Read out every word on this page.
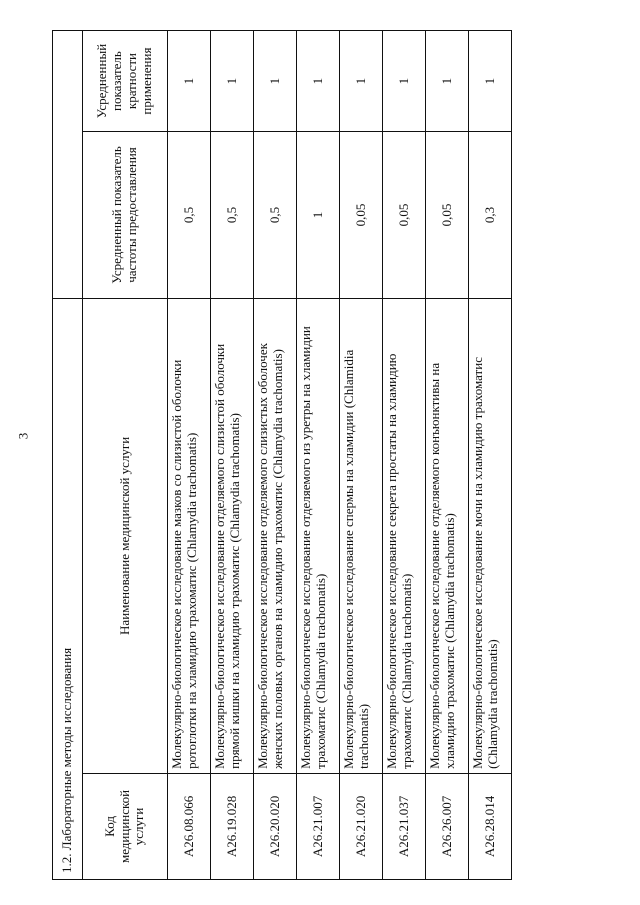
3
1.2. Лабораторные методы исследования			
Код медицинской услуги	Наименование медицинской услуги	Усредненный показатель частоты предоставления	Усредненный показатель кратности применения
A26.08.066	Молекулярно-биологическое исследование мазков со слизистой оболочки ротоглотки на хламидию трахоматис (Chlamydia trachomatis)	0,5	1
A26.19.028	Молекулярно-биологическое исследование отделяемого слизистой оболочки прямой кишки на хламидию трахоматис (Chlamydia trachomatis)	0,5	1
A26.20.020	Молекулярно-биологическое исследование отделяемого слизистых оболочек женских половых органов на хламидию трахоматис (Chlamydia trachomatis)	0,5	1
A26.21.007	Молекулярно-биологическое исследование отделяемого из уретры на хламидии трахоматис (Chlamydia trachomatis)	1	1
A26.21.020	Молекулярно-биологическое исследование спермы на хламидии (Chlamidia trachomatis)	0,05	1
A26.21.037	Молекулярно-биологическое исследование секрета простаты на хламидию трахоматис (Chlamydia trachomatis)	0,05	1
A26.26.007	Молекулярно-биологическое исследование отделяемого конъюнктивы на хламидию трахоматис (Chlamydia trachomatis)	0,05	1
A26.28.014	Молекулярно-биологическое исследование мочи на хламидию трахоматис (Chlamydia trachomatis)	0,3	1
